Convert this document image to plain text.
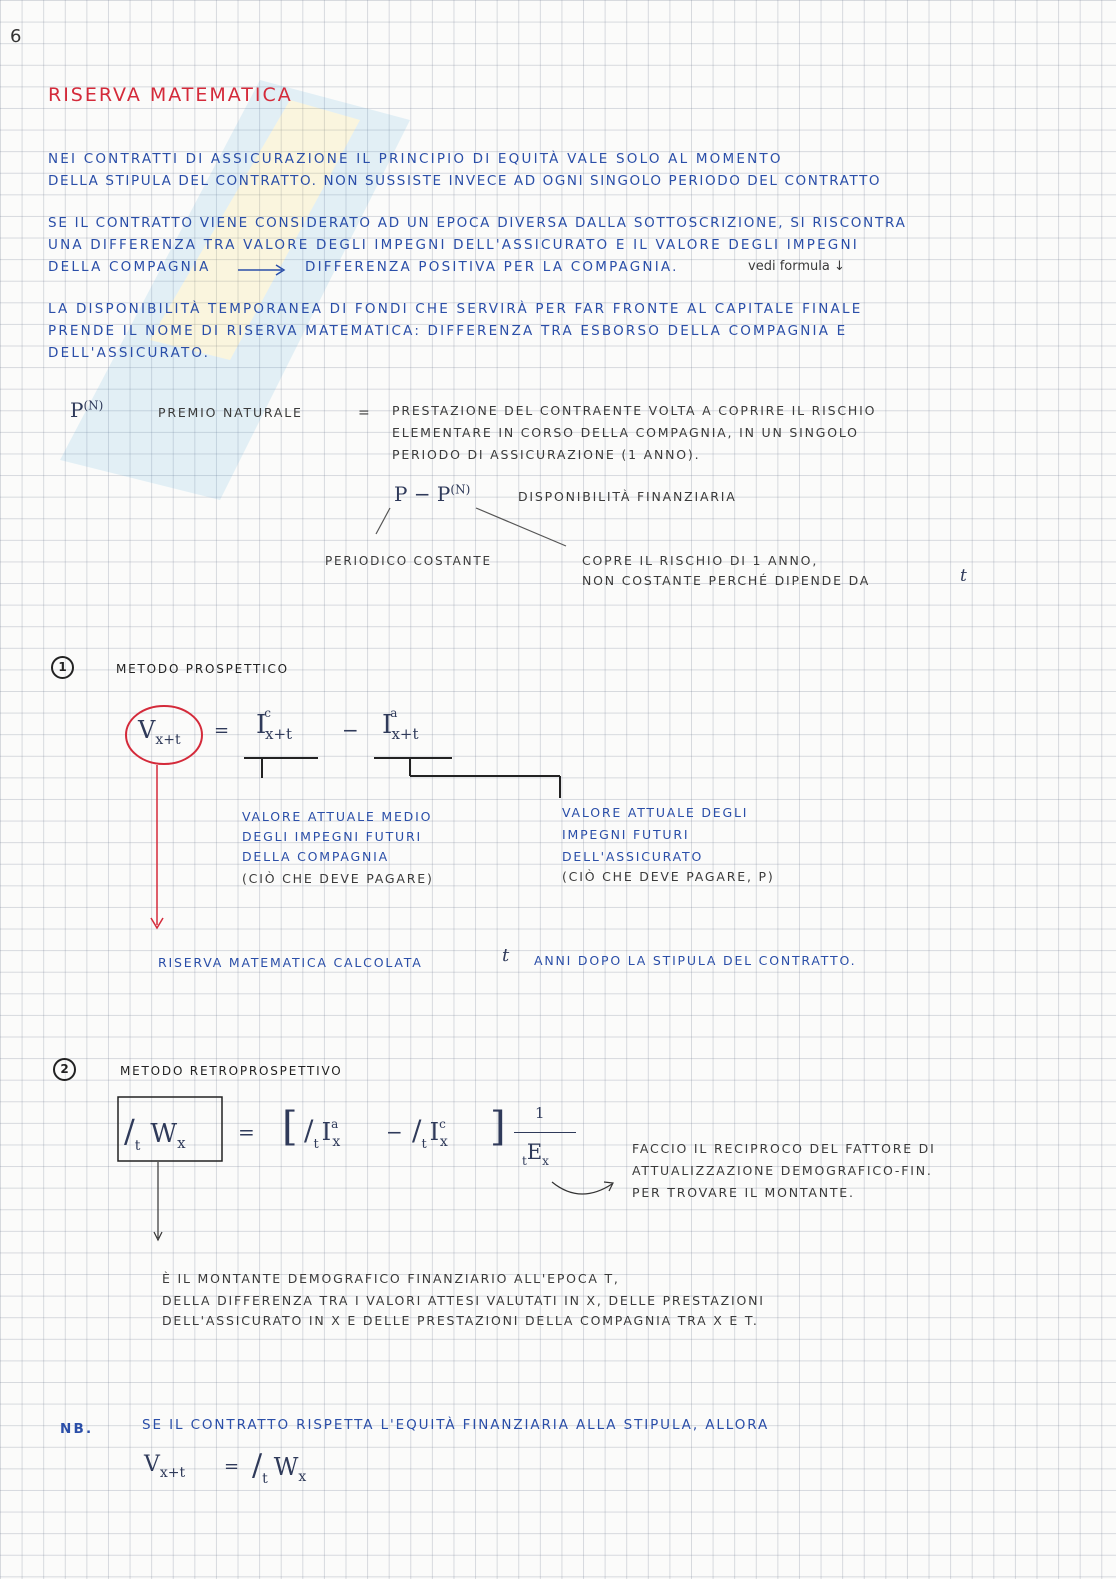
6
RISERVA MATEMATICA
NEI CONTRATTI DI ASSICURAZIONE IL PRINCIPIO DI EQUITÀ VALE SOLO AL MOMENTO
DELLA STIPULA DEL CONTRATTO. NON SUSSISTE INVECE AD OGNI SINGOLO PERIODO DEL CONTRATTO
SE IL CONTRATTO VIENE CONSIDERATO AD UN EPOCA DIVERSA DALLA SOTTOSCRIZIONE, SI RISCONTRA
UNA DIFFERENZA TRA VALORE DEGLI IMPEGNI DELL'ASSICURATO E IL VALORE DEGLI IMPEGNI
DELLA COMPAGNIA	DIFFERENZA POSITIVA PER LA COMPAGNIA.	vedi formula ↓
LA DISPONIBILITÀ TEMPORANEA DI FONDI CHE SERVIRÀ PER FAR FRONTE AL CAPITALE FINALE
PRENDE IL NOME DI RISERVA MATEMATICA: DIFFERENZA TRA ESBORSO DELLA COMPAGNIA E
DELL'ASSICURATO.
$P^{(N)}$	PREMIO NATURALE	= PRESTAZIONE DEL CONTRAENTE VOLTA A COPRIRE IL RISCHIO
ELEMENTARE IN CORSO DELLA COMPAGNIA, IN UN SINGOLO
PERIODO DI ASSICURAZIONE (1 ANNO).
$P - P^{(N)}$	DISPONIBILITÀ FINANZIARIA
PERIODICO COSTANTE	COPRE IL RISCHIO DI 1 ANNO,
NON COSTANTE PERCHÉ DIPENDE DA	t
1	METODO PROSPETTICO
$V_{x+t} = I^c_{x+t}$	− $I^a_{x+t}$
VALORE ATTUALE MEDIO
DEGLI IMPEGNI FUTURI
DELLA COMPAGNIA
(CIÒ CHE DEVE PAGARE)
VALORE ATTUALE DEGLI
IMPEGNI FUTURI
DELL'ASSICURATO
(CIÒ CHE DEVE PAGARE, P)
RISERVA MATEMATICA CALCOLATA	t ANNI DOPO LA STIPULA DEL CONTRATTO.
2	METODO RETROPROSPETTIVO
$/_t$ $W_x$	= [ $/_t$ $I^a_x$	− $/_t$ $I^c_x$ ] 1
$_tE_x$
FACCIO IL RECIPROCO DEL FATTORE DI
ATTUALIZZAZIONE DEMOGRAFICO-FIN.
PER TROVARE IL MONTANTE.
È IL MONTANTE DEMOGRAFICO FINANZIARIO ALL'EPOCA T,
DELLA DIFFERENZA TRA I VALORI ATTESI VALUTATI IN X, DELLE PRESTAZIONI
DELL'ASSICURATO IN X E DELLE PRESTAZIONI DELLA COMPAGNIA TRA X E T.
NB.	SE IL CONTRATTO RISPETTA L'EQUITÀ FINANZIARIA ALLA STIPULA, ALLORA
$V_{x+t} = /_t$ $W_x$
